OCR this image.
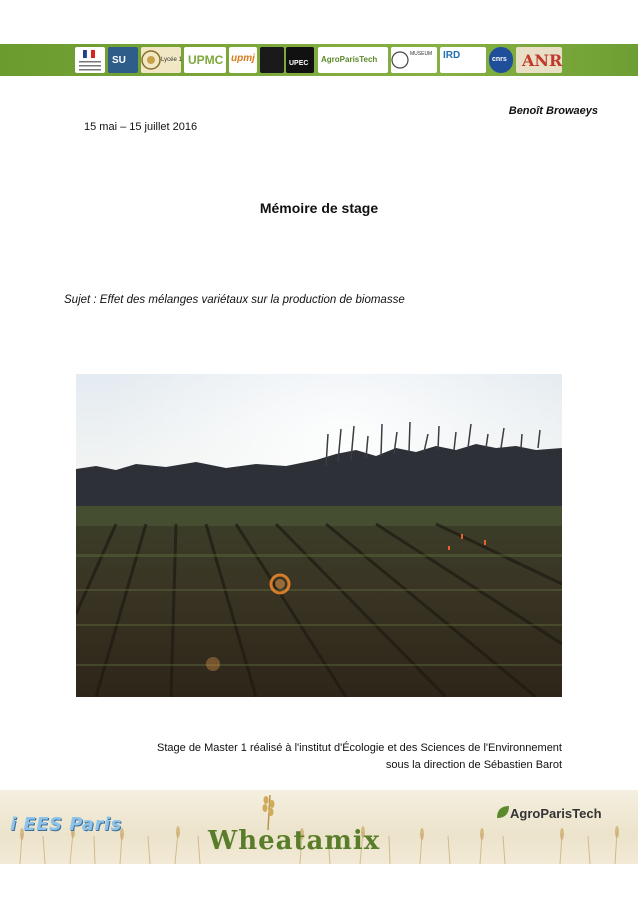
SU	Lycée 1 UPMC upmj	UPEC AgroParisTech
MUSEUM IRD	cnrs ANR
Benoît Browaeys
15 mai – 15 juillet 2016
Mémoire de stage
Sujet : Effet des mélanges variétaux sur la production de biomasse
Stage de Master 1 réalisé à l'institut d'Écologie et des Sciences de l'Environnement
sous la direction de Sébastien Barot
i EES Paris
Wheatamix
AgroParisTech
